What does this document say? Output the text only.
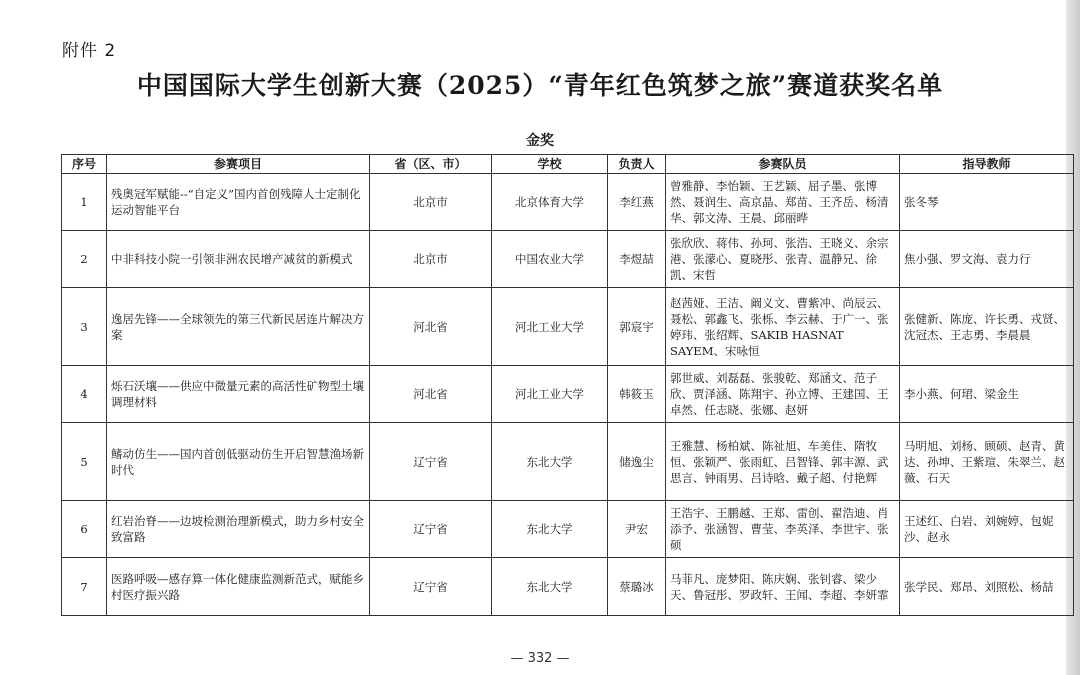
附件 2
中国国际大学生创新大赛（2025）“青年红色筑梦之旅”赛道获奖名单
金奖
序号	参赛项目	省（区、市）	学校	负责人	参赛队员	指导教师
1	残奥冠军赋能--“自定义”国内首创残障人士定制化运动智能平台	北京市	北京体育大学	李红燕	曾雅静、李怡颖、王艺颖、屈子墨、张博然、聂润生、高京晶、郑苗、王齐岳、杨清华、郭文涛、王晨、邱丽晔	张冬琴
2	中非科技小院一引领非洲农民增产减贫的新模式	北京市	中国农业大学	李煜喆	张欣欣、蒋伟、孙珂、张浩、王晓义、余宗港、张濛心、夏晓彤、张青、温静兄、徐凯、宋哲	焦小强、罗文海、袁力行
3	逸居先锋——全球领先的第三代新民居连片解决方案	河北省	河北工业大学	郭宸宇	赵茜娅、王洁、阚义文、曹紫冲、尚辰云、聂松、郭鑫飞、张栎、李云赫、于广一、张婷玮、张绍辉、SAKIB HASNAT SAYEM、宋咏恒	张健新、陈庞、许长勇、戎贤、沈冠杰、王志勇、李晨晨
4	烁石沃壤——供应中微量元素的高活性矿物型土壤调理材料	河北省	河北工业大学	韩筱玉	郭世威、刘磊磊、张骏乾、郑涵文、范子欣、贾泽涵、陈翔宇、孙立博、王建国、王卓然、任志晓、张娜、赵妍	李小燕、何珺、梁金生
5	鳍动仿生——国内首创低驱动仿生开启智慧渔场新时代	辽宁省	东北大学	储逸尘	王雅慧、杨柏斌、陈祉旭、车美佳、隋牧恒、张颖严、张雨虹、吕智锋、郭丰源、武思言、钟雨男、吕诗晗、戴子超、付艳辉	马明旭、刘杨、顾硕、赵青、黄达、孙坤、王紫瑄、朱翠兰、赵薇、石天
6	红岩治脊——边坡检测治理新模式，助力乡村安全致富路	辽宁省	东北大学	尹宏	王浩宇、王鹏越、王郑、雷创、翟浩迪、肖添予、张涵智、曹莹、李英泽、李世宇、张硕	王述红、白岩、刘婉婷、包妮沙、赵永
7	医路呼吸—感存算一体化健康监测新范式，赋能乡村医疗振兴路	辽宁省	东北大学	蔡璐冰	马菲凡、庞梦阳、陈庆娴、张钊睿、梁少天、鲁冠彤、罗政轩、王闻、李超、李妍霏	张学民、郑昂、刘照松、杨喆
— 332 —
